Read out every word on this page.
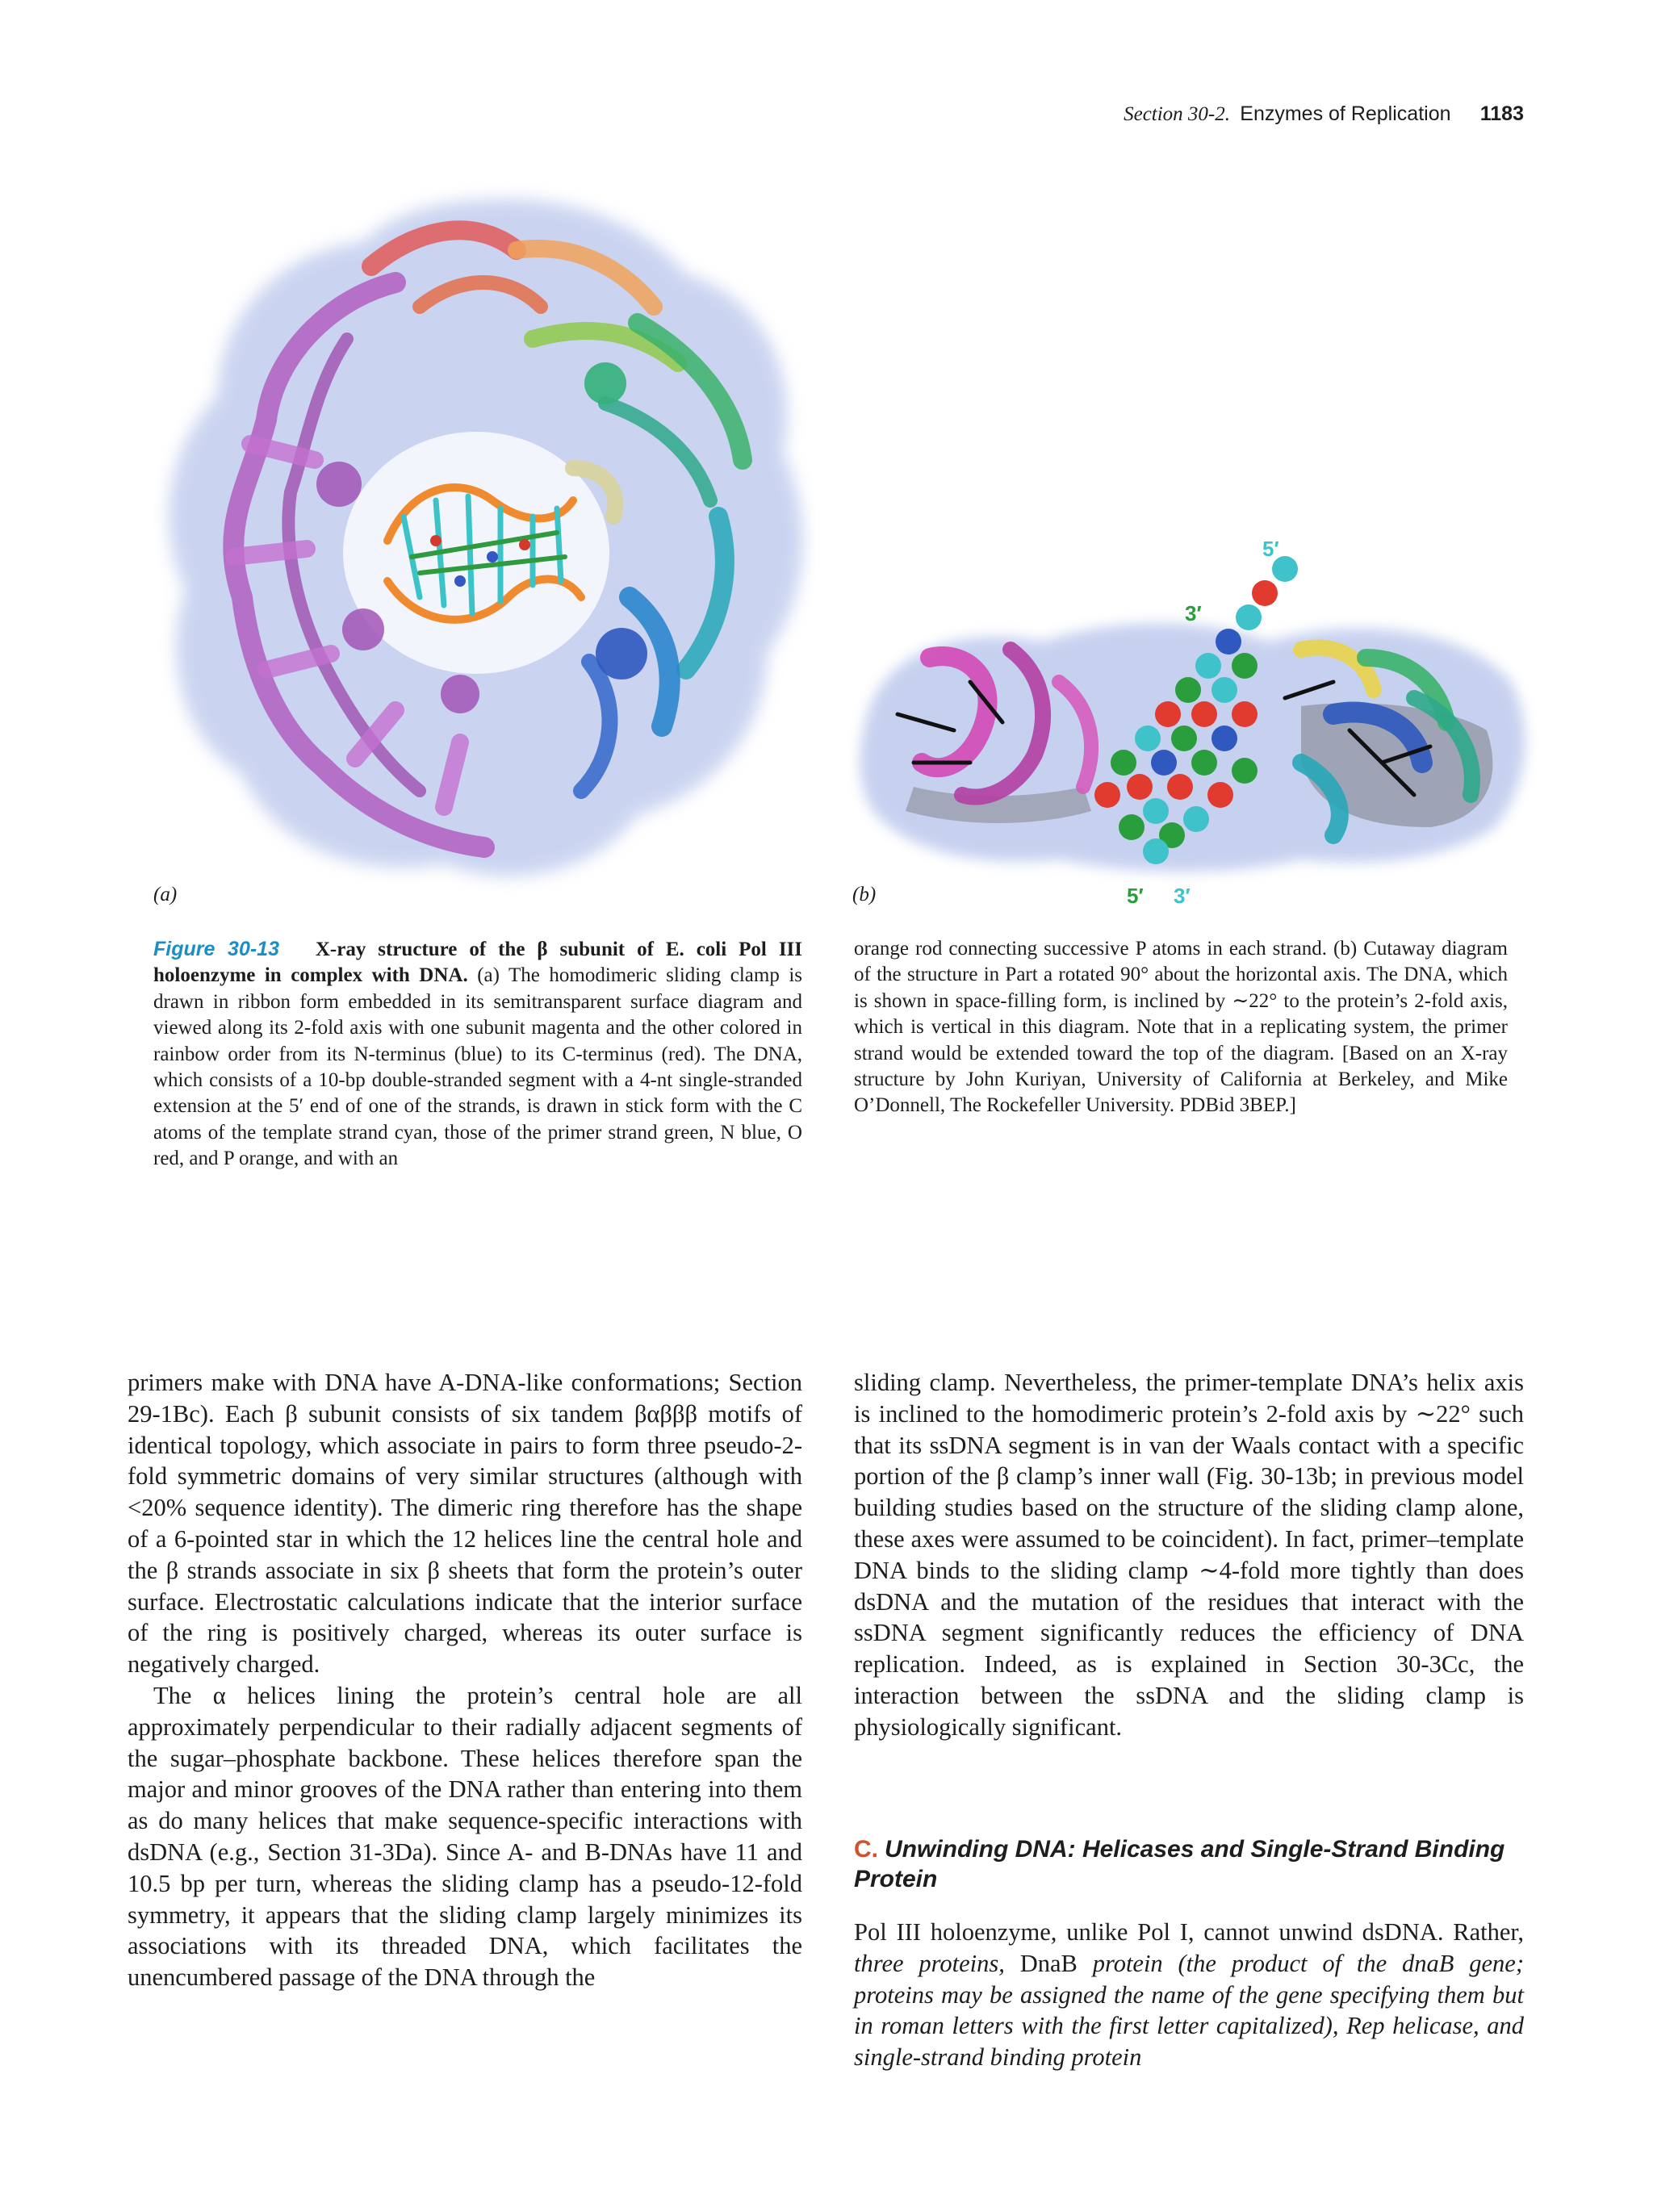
Section 30-2. Enzymes of Replication 1183
(a)
5′
3′
5′ 3′
(b)
Figure 30-13 X-ray structure of the β subunit of E. coli Pol III holoenzyme in complex with DNA. (a) The homodimeric sliding clamp is drawn in ribbon form embedded in its semitransparent surface diagram and viewed along its 2-fold axis with one subunit magenta and the other colored in rainbow order from its N-terminus (blue) to its C-terminus (red). The DNA, which consists of a 10-bp double-stranded segment with a 4-nt single-stranded extension at the 5′ end of one of the strands, is drawn in stick form with the C atoms of the template strand cyan, those of the primer strand green, N blue, O red, and P orange, and with an
orange rod connecting successive P atoms in each strand. (b) Cutaway diagram of the structure in Part a rotated 90° about the horizontal axis. The DNA, which is shown in space-filling form, is inclined by ∼22° to the protein’s 2-fold axis, which is vertical in this diagram. Note that in a replicating system, the primer strand would be extended toward the top of the diagram. [Based on an X-ray structure by John Kuriyan, University of California at Berkeley, and Mike O’Donnell, The Rockefeller University. PDBid 3BEP.]

primers make with DNA have A-DNA-like conformations; Section 29-1Bc). Each β subunit consists of six tandem βαβββ motifs of identical topology, which associate in pairs to form three pseudo-2-fold symmetric domains of very similar structures (although with <20% sequence identity). The dimeric ring therefore has the shape of a 6-pointed star in which the 12 helices line the central hole and the β strands associate in six β sheets that form the protein’s outer surface. Electrostatic calculations indicate that the interior surface of the ring is positively charged, whereas its outer surface is negatively charged.

The α helices lining the protein’s central hole are all approximately perpendicular to their radially adjacent segments of the sugar–phosphate backbone. These helices therefore span the major and minor grooves of the DNA rather than entering into them as do many helices that make sequence-specific interactions with dsDNA (e.g., Section 31-3Da). Since A- and B-DNAs have 11 and 10.5 bp per turn, whereas the sliding clamp has a pseudo-12-fold symmetry, it appears that the sliding clamp largely minimizes its associations with its threaded DNA, which facilitates the unencumbered passage of the DNA through the

sliding clamp. Nevertheless, the primer-template DNA’s helix axis is inclined to the homodimeric protein’s 2-fold axis by ∼22° such that its ssDNA segment is in van der Waals contact with a specific portion of the β clamp’s inner wall (Fig. 30-13b; in previous model building studies based on the structure of the sliding clamp alone, these axes were assumed to be coincident). In fact, primer–template DNA binds to the sliding clamp ∼4-fold more tightly than does dsDNA and the mutation of the residues that interact with the ssDNA segment significantly reduces the efficiency of DNA replication. Indeed, as is explained in Section 30-3Cc, the interaction between the ssDNA and the sliding clamp is physiologically significant.

C. Unwinding DNA: Helicases and Single-Strand Binding Protein

Pol III holoenzyme, unlike Pol I, cannot unwind dsDNA. Rather, three proteins, DnaB protein (the product of the dnaB gene; proteins may be assigned the name of the gene specifying them but in roman letters with the first letter capitalized), Rep helicase, and single-strand binding protein
